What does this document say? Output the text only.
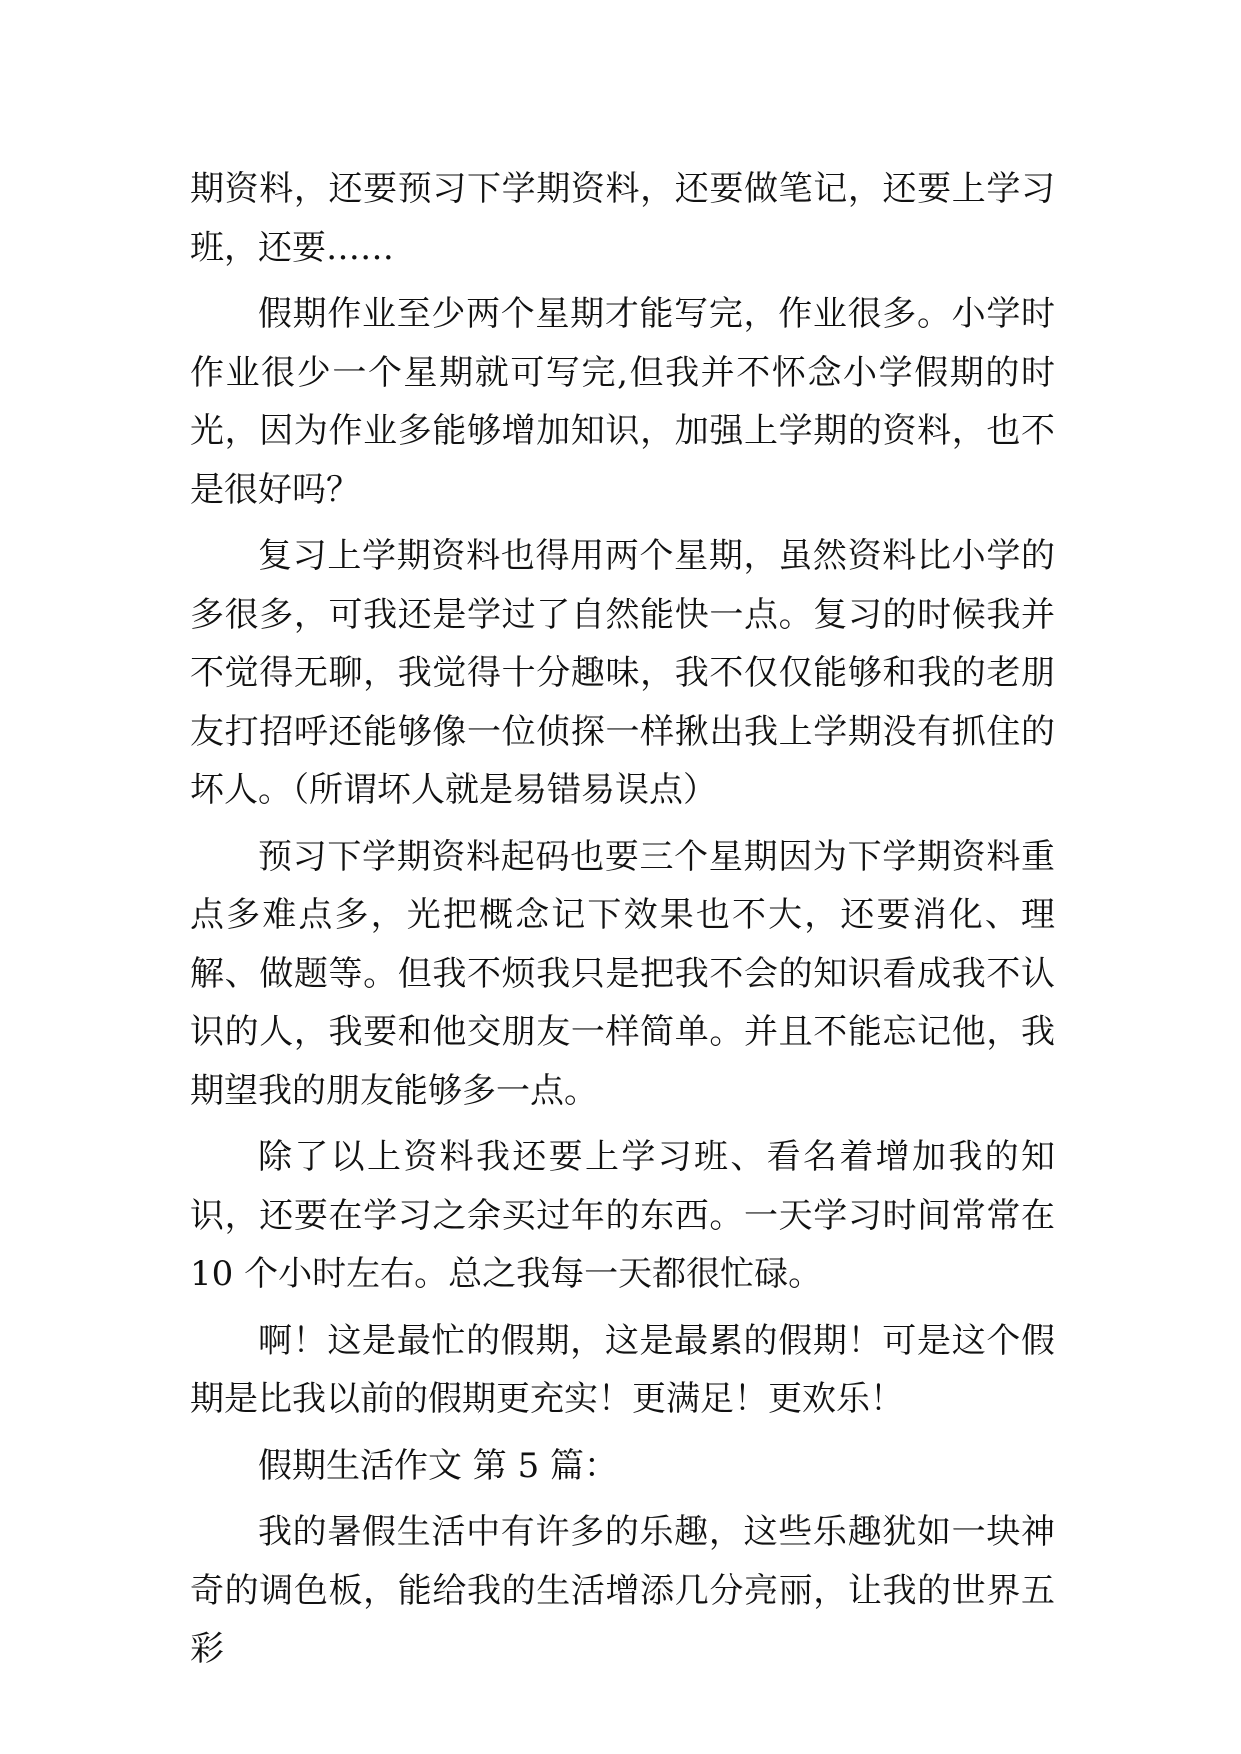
期资料，还要预习下学期资料，还要做笔记，还要上学习班，还要……

假期作业至少两个星期才能写完，作业很多。小学时作业很少一个星期就可写完,但我并不怀念小学假期的时光，因为作业多能够增加知识，加强上学期的资料，也不是很好吗？

复习上学期资料也得用两个星期，虽然资料比小学的多很多，可我还是学过了自然能快一点。复习的时候我并不觉得无聊，我觉得十分趣味，我不仅仅能够和我的老朋友打招呼还能够像一位侦探一样揪出我上学期没有抓住的坏人。（所谓坏人就是易错易误点）

预习下学期资料起码也要三个星期因为下学期资料重点多难点多，光把概念记下效果也不大，还要消化、理解、做题等。但我不烦我只是把我不会的知识看成我不认识的人，我要和他交朋友一样简单。并且不能忘记他，我期望我的朋友能够多一点。

除了以上资料我还要上学习班、看名着增加我的知识，还要在学习之余买过年的东西。一天学习时间常常在 10 个小时左右。总之我每一天都很忙碌。

啊！这是最忙的假期，这是最累的假期！可是这个假期是比我以前的假期更充实！更满足！更欢乐！

假期生活作文 第 5 篇：

我的暑假生活中有许多的乐趣，这些乐趣犹如一块神奇的调色板，能给我的生活增添几分亮丽，让我的世界五彩
